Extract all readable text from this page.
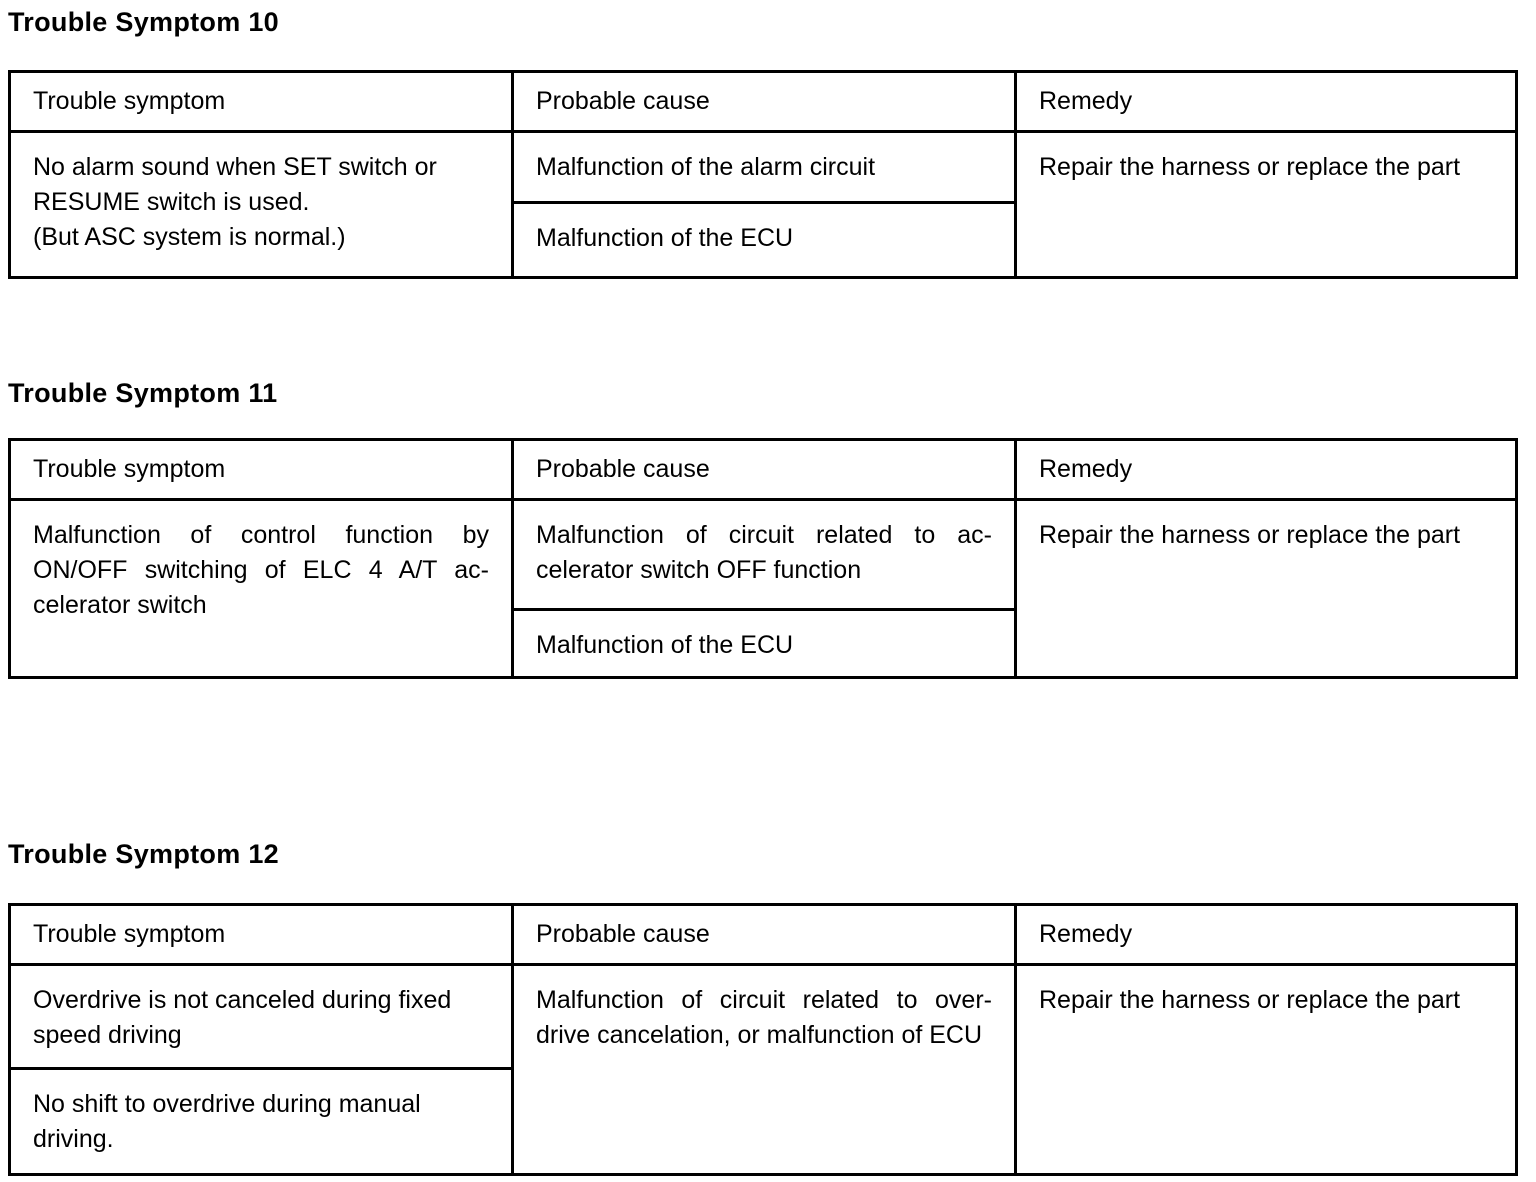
Trouble Symptom 10
Trouble symptom	Probable cause	Remedy
No alarm sound when SET switch or
RESUME switch is used.
(But ASC system is normal.)	Malfunction of the alarm circuit	Repair the harness or replace the part
	Malfunction of the ECU	
Trouble Symptom 11
Trouble symptom	Probable cause	Remedy
Malfunction of control function by ON/OFF switching of ELC 4 A/T ac-celerator switch	Malfunction of circuit related to ac-celerator switch OFF function	Repair the harness or replace the part
	Malfunction of the ECU	
Trouble Symptom 12
Trouble symptom	Probable cause	Remedy
Overdrive is not canceled during fixed speed driving	Malfunction of circuit related to over-drive cancelation, or malfunction of ECU	Repair the harness or replace the part
No shift to overdrive during manual driving.		
